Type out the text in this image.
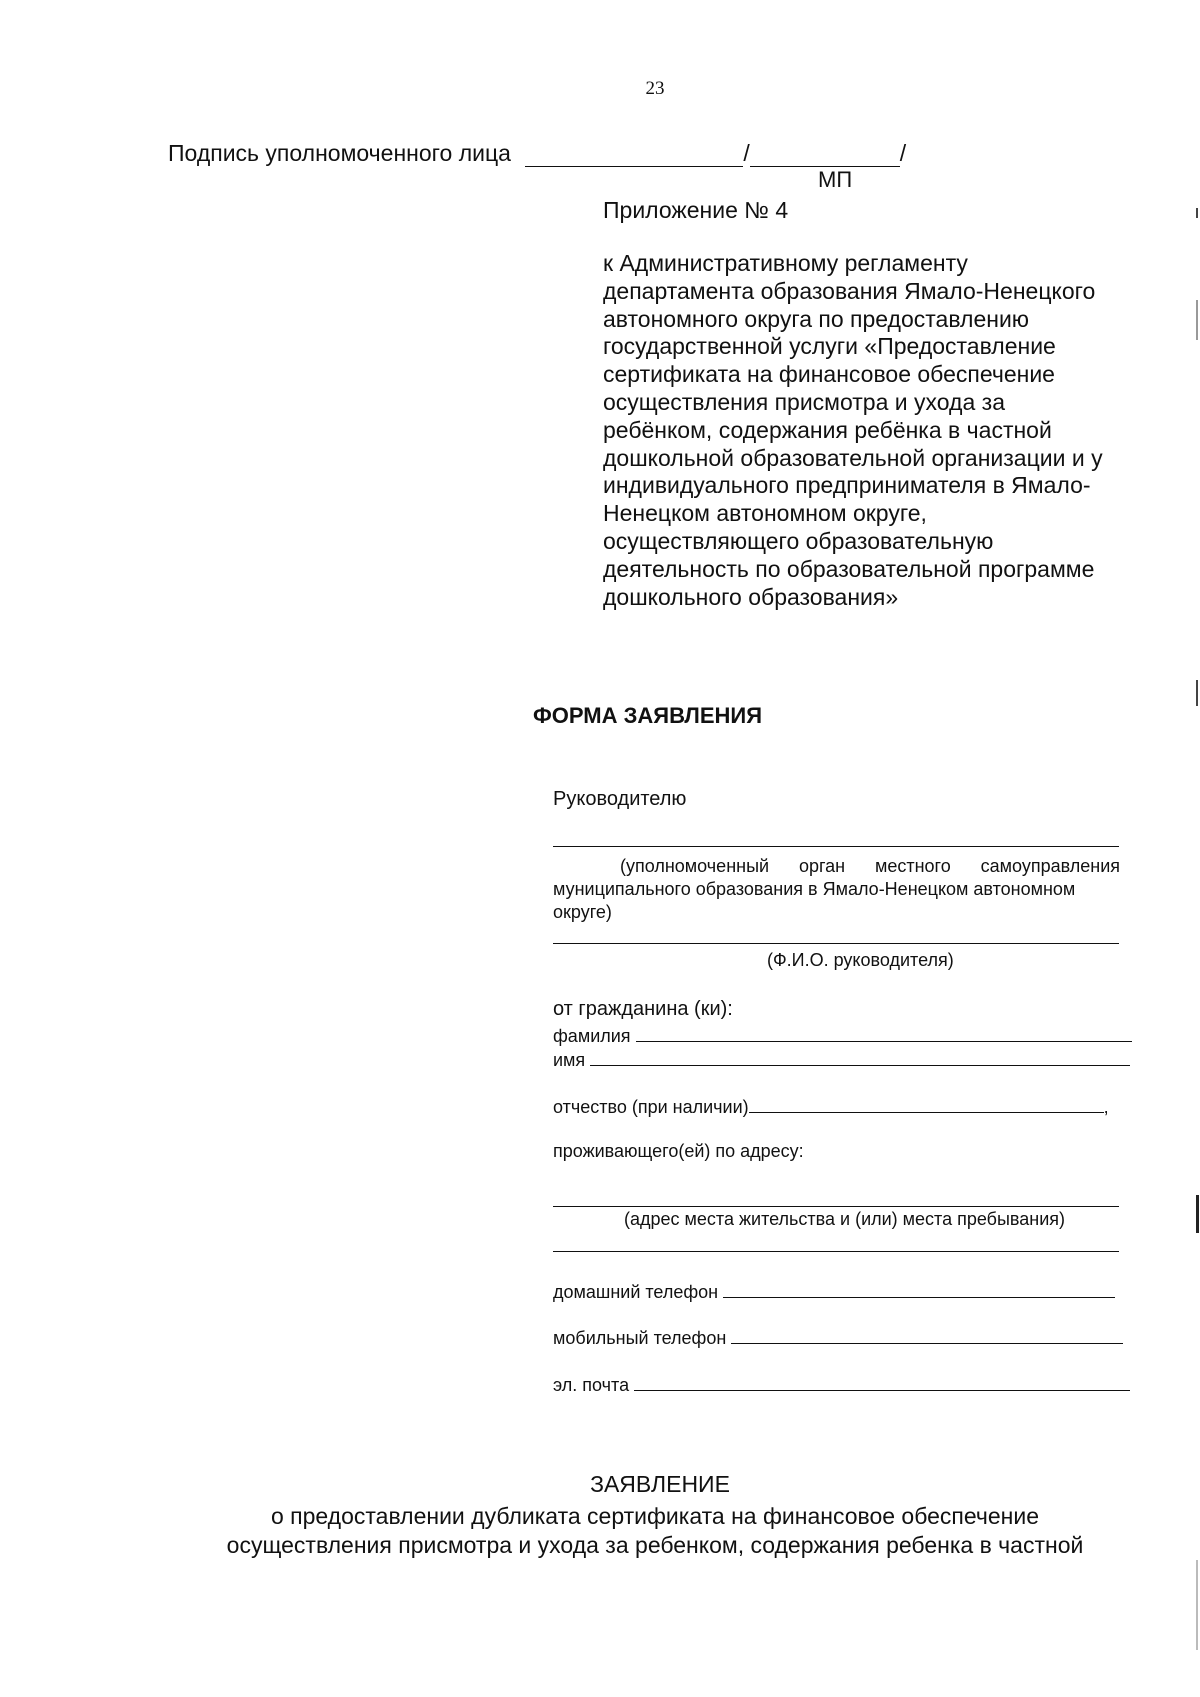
23
Подпись уполномоченного лица	/	/
МП
Приложение № 4
к Административному регламенту
департамента образования Ямало-Ненецкого
автономного округа по предоставлению
государственной услуги «Предоставление
сертификата на финансовое обеспечение
осуществления присмотра и ухода за
ребёнком, содержания ребёнка в частной
дошкольной образовательной организации и у
индивидуального предпринимателя в Ямало-
Ненецком автономном округе,
осуществляющего образовательную
деятельность по образовательной программе
дошкольного образования»
ФОРМА ЗАЯВЛЕНИЯ
Руководителю
(уполномоченный орган местного самоуправления
муниципального образования в Ямало-Ненецком автономном
округе)
(Ф.И.О. руководителя)
от гражданина (ки):
фамилия
имя
отчество (при наличии)	,
проживающего(ей) по адресу:
(адрес места жительства и (или) места пребывания)
домашний телефон
мобильный телефон
эл. почта
ЗАЯВЛЕНИЕ
о предоставлении дубликата сертификата на финансовое обеспечение
осуществления присмотра и ухода за ребенком, содержания ребенка в частной
